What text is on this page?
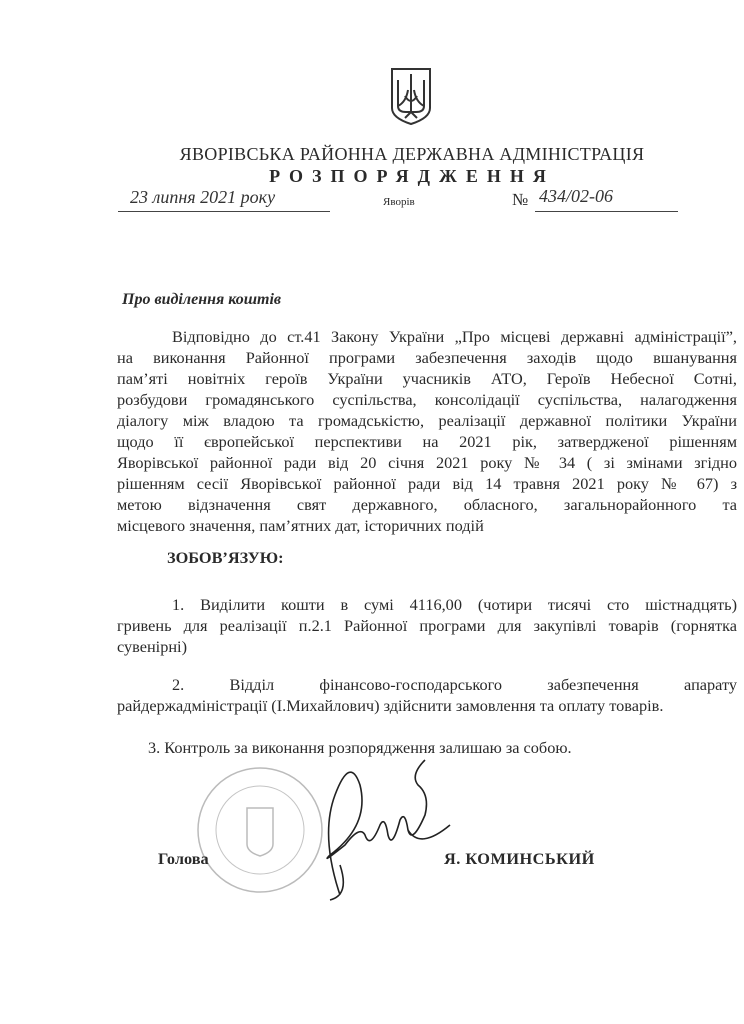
ЯВОРІВСЬКА РАЙОННА ДЕРЖАВНА АДМІНІСТРАЦІЯ
РОЗПОРЯДЖЕННЯ
23 липня 2021 року	Яворів	№ 434/02-06
Про виділення коштів
Відповідно до ст.41 Закону України „Про місцеві державні адміністрації”,
на виконання Районної програми забезпечення заходів щодо вшанування
пам’яті новітніх героїв України учасників АТО, Героїв Небесної Сотні,
розбудови громадянського суспільства, консолідації суспільства, налагодження
діалогу між владою та громадськістю, реалізації державної політики України
щодо її європейської перспективи на 2021 рік, затвердженої рішенням
Яворівської районної ради від 20 січня 2021 року № 34 ( зі змінами згідно
рішенням сесії Яворівської районної ради від 14 травня 2021 року № 67) з
метою відзначення свят державного, обласного, загальнорайонного та
місцевого значення, пам’ятних дат, історичних подій
ЗОБОВ’ЯЗУЮ:
1. Виділити кошти в сумі 4116,00 (чотири тисячі сто шістнадцять)
гривень для реалізації п.2.1 Районної програми для закупівлі товарів (горнятка
сувенірні)
2. Відділ фінансово-господарського забезпечення апарату
райдержадміністрації (І.Михайлович) здійснити замовлення та оплату товарів.
3. Контроль за виконання розпорядження залишаю за собою.
Голова	Я. КОМИНСЬКИЙ
